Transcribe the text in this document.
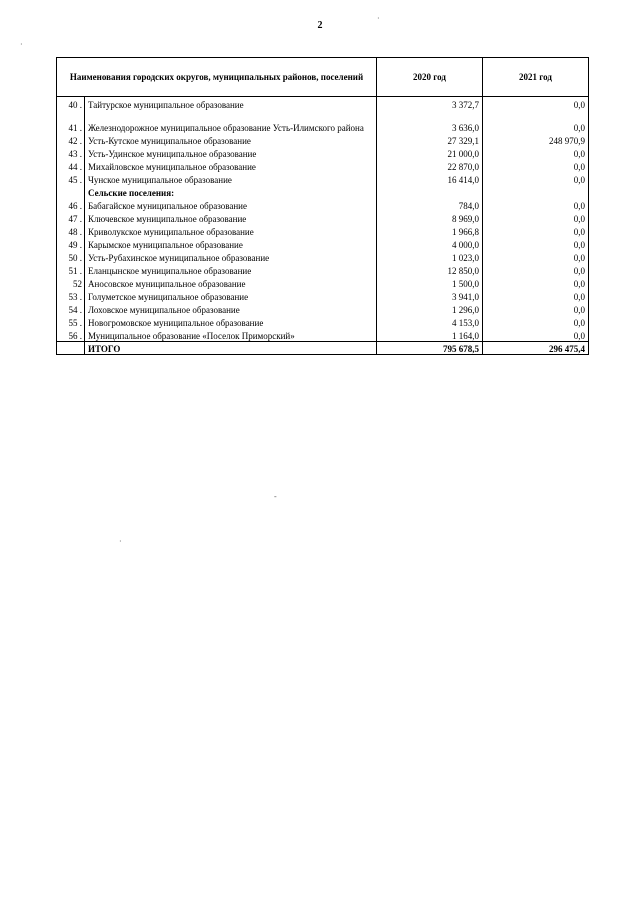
2
Наименования городских округов, муниципальных районов, поселений		2020 год	2021 год
40 .	Тайтурское муниципальное образование	3 372,7	0,0
41 .	Железнодорожное муниципальное образование Усть-Илимского района	3 636,0	0,0
42 .	Усть-Кутское муниципальное образование	27 329,1	248 970,9
43 .	Усть-Удинское муниципальное образование	21 000,0	0,0
44 .	Михайловское муниципальное образование	22 870,0	0,0
45 .	Чунское муниципальное образование	16 414,0	0,0
	Сельские поселения:		
46 .	Бабагайское муниципальное образование	784,0	0,0
47 .	Ключевское муниципальное образование	8 969,0	0,0
48 .	Криволукское муниципальное образование	1 966,8	0,0
49 .	Карымское муниципальное образование	4 000,0	0,0
50 .	Усть-Рубахинское муниципальное образование	1 023,0	0,0
51 .	Еланцынское муниципальное образование	12 850,0	0,0
52	Аносовское муниципальное образование	1 500,0	0,0
53 .	Голуметское муниципальное образование	3 941,0	0,0
54 .	Лоховское муниципальное образование	1 296,0	0,0
55 .	Новогромовское муниципальное образование	4 153,0	0,0
56 .	Муниципальное образование «Поселок Приморский»	1 164,0	0,0
	ИТОГО	795 678,5	296 475,4
·
·
-
·
